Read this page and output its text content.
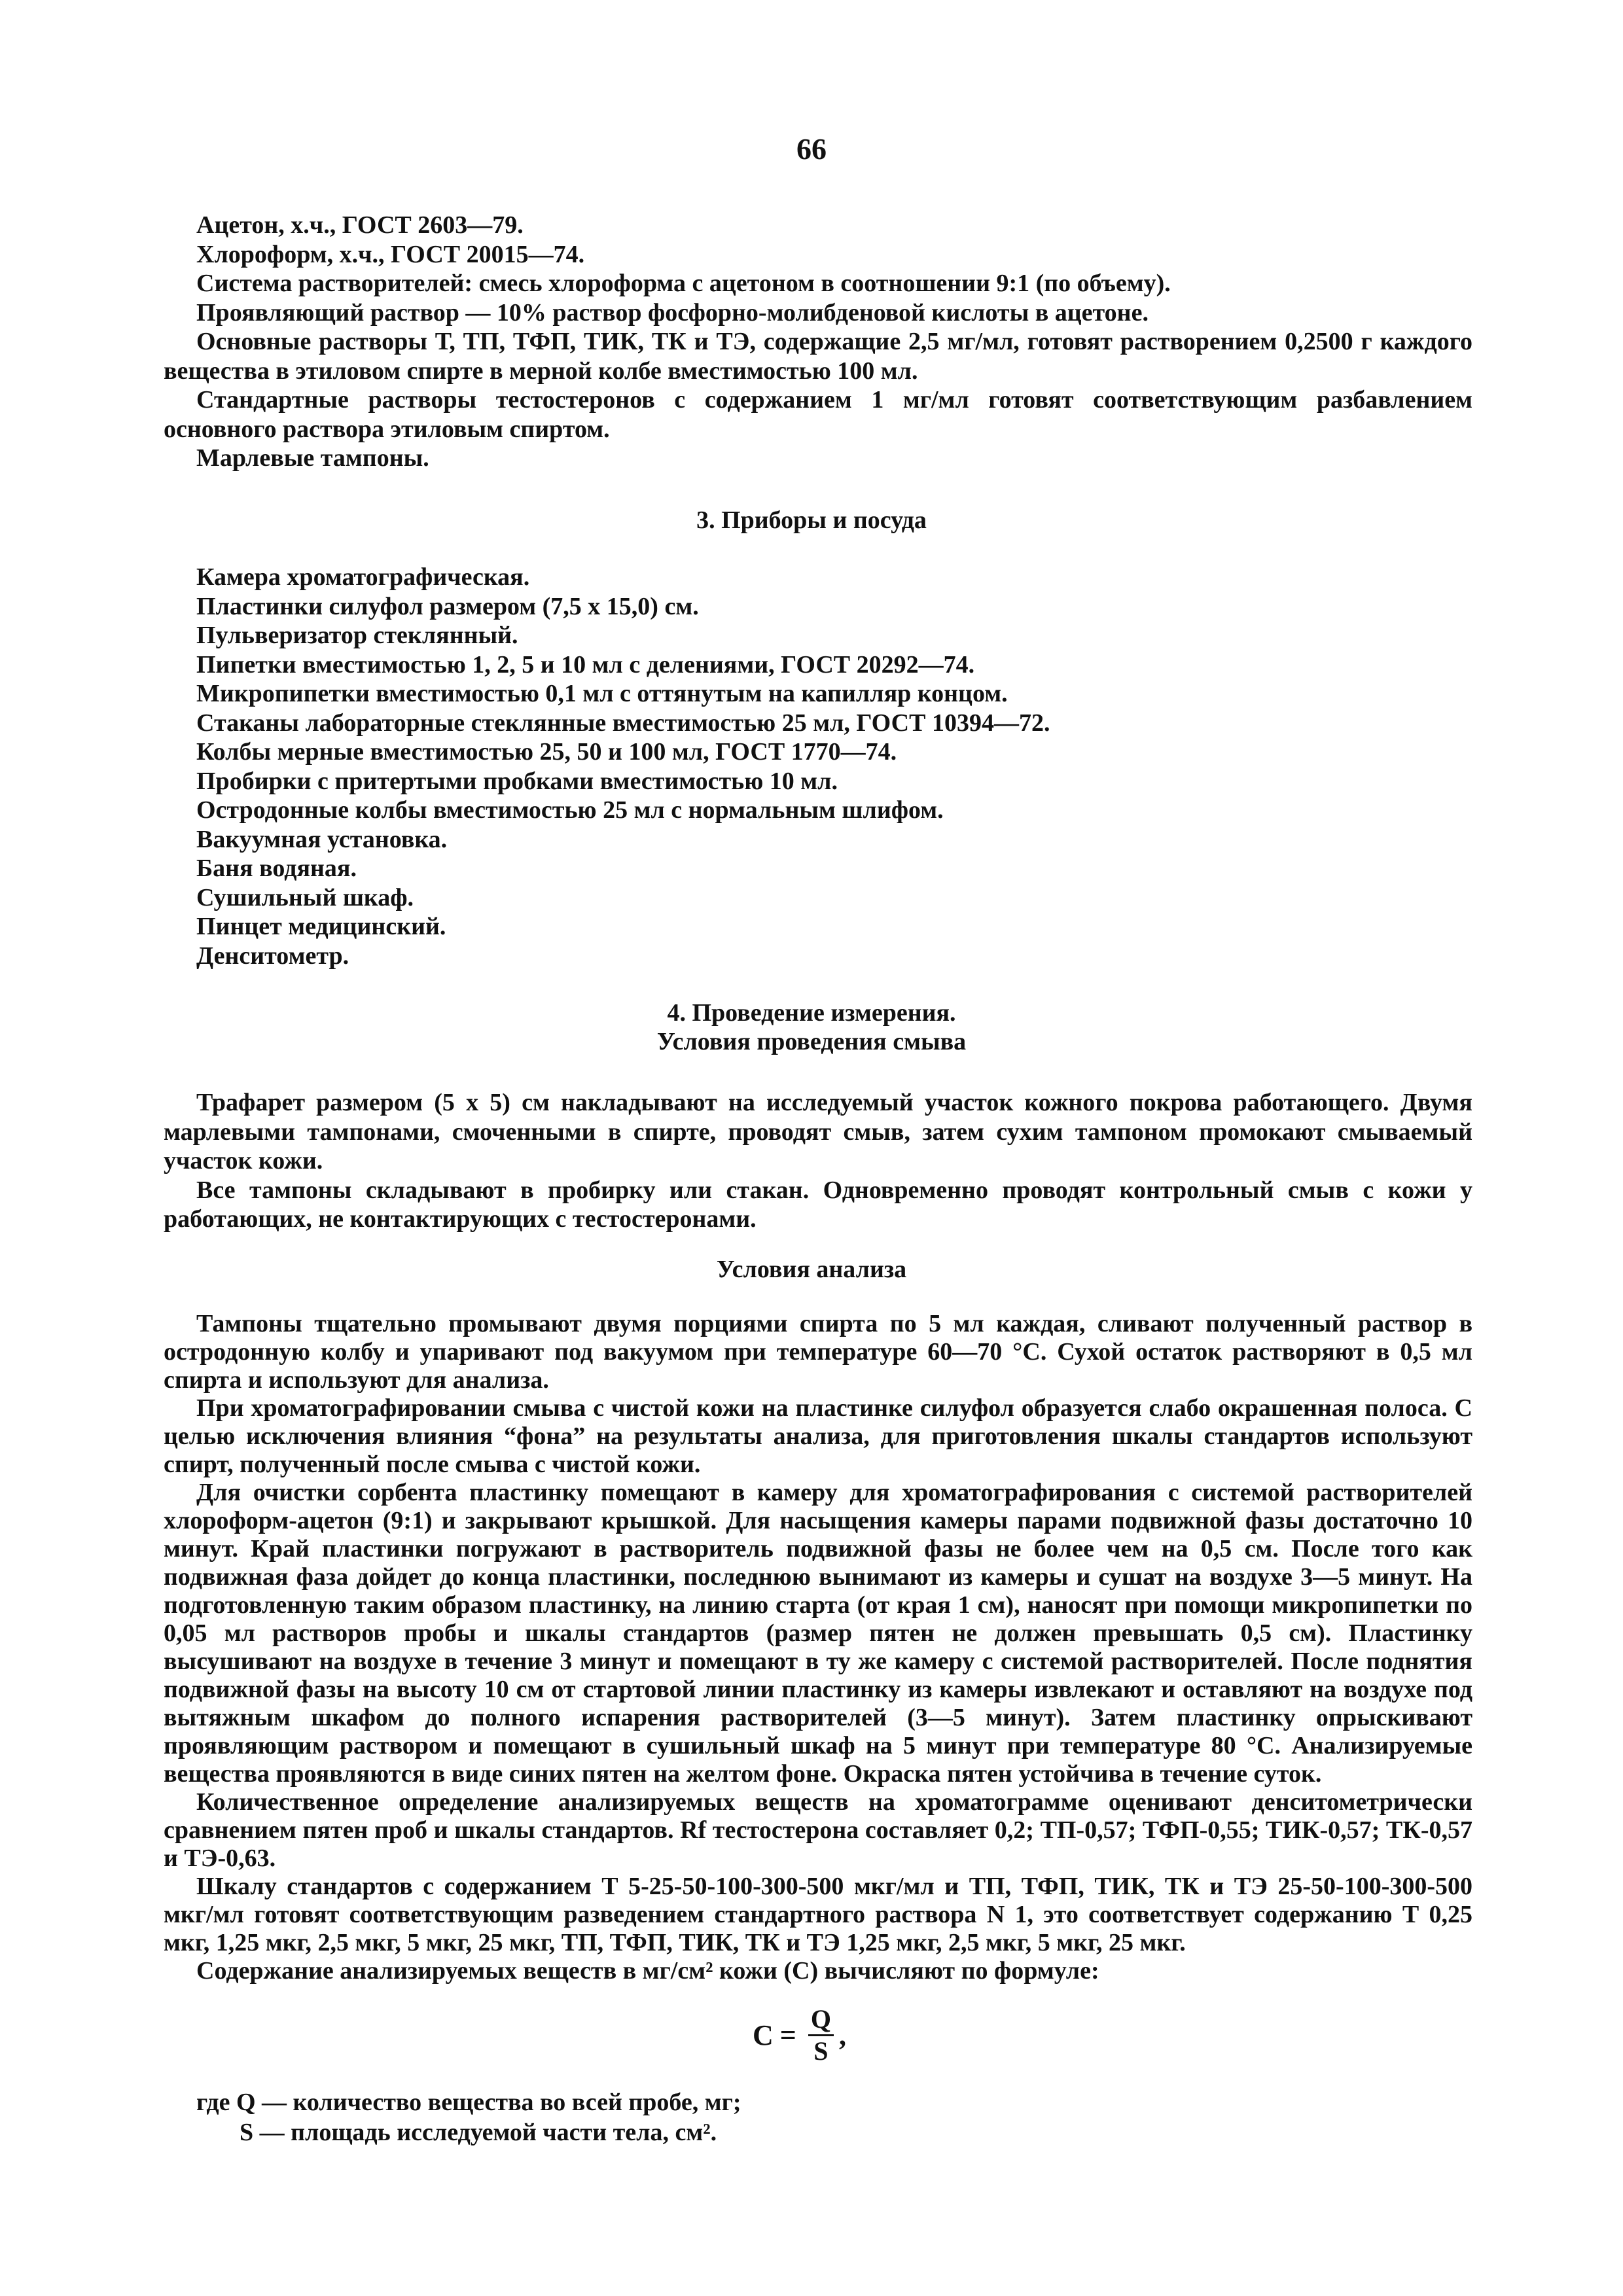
66

Ацетон, х.ч., ГОСТ 2603—79.

Хлороформ, х.ч., ГОСТ 20015—74.

Система растворителей: смесь хлороформа с ацетоном в соотношении 9:1 (по объему).

Проявляющий раствор — 10% раствор фосфорно-молибденовой кислоты в ацетоне.

Основные растворы Т, ТП, ТФП, ТИК, ТК и ТЭ, содержащие 2,5 мг/мл, готовят растворением 0,2500 г каждого вещества в этиловом спирте в мерной колбе вместимостью 100 мл.

Стандартные растворы тестостеронов с содержанием 1 мг/мл готовят соответствующим разбавлением основного раствора этиловым спиртом.

Марлевые тампоны.

3. Приборы и посуда

Камера хроматографическая.

Пластинки силуфол размером (7,5 х 15,0) см.

Пульверизатор стеклянный.

Пипетки вместимостью 1, 2, 5 и 10 мл с делениями, ГОСТ 20292—74.

Микропипетки вместимостью 0,1 мл с оттянутым на капилляр концом.

Стаканы лабораторные стеклянные вместимостью 25 мл, ГОСТ 10394—72.

Колбы мерные вместимостью 25, 50 и 100 мл, ГОСТ 1770—74.

Пробирки с притертыми пробками вместимостью 10 мл.

Остродонные колбы вместимостью 25 мл с нормальным шлифом.

Вакуумная установка.

Баня водяная.

Сушильный шкаф.

Пинцет медицинский.

Денситометр.

4. Проведение измерения.
Условия проведения смыва

Трафарет размером (5 х 5) см накладывают на исследуемый участок кожного покрова работающего. Двумя марлевыми тампонами, смоченными в спирте, проводят смыв, затем сухим тампоном промокают смываемый участок кожи.

Все тампоны складывают в пробирку или стакан. Одновременно проводят контрольный смыв с кожи у работающих, не контактирующих с тестостеронами.

Условия анализа

Тампоны тщательно промывают двумя порциями спирта по 5 мл каждая, сливают полученный раствор в остродонную колбу и упаривают под вакуумом при температуре 60—70 °С. Сухой остаток растворяют в 0,5 мл спирта и используют для анализа.

При хроматографировании смыва с чистой кожи на пластинке силуфол образуется слабо окрашенная полоса. С целью исключения влияния “фона” на результаты анализа, для приготовления шкалы стандартов используют спирт, полученный после смыва с чистой кожи.

Для очистки сорбента пластинку помещают в камеру для хроматографирования с системой растворителей хлороформ-ацетон (9:1) и закрывают крышкой. Для насыщения камеры парами подвижной фазы достаточно 10 минут. Край пластинки погружают в растворитель подвижной фазы не более чем на 0,5 см. После того как подвижная фаза дойдет до конца пластинки, последнюю вынимают из камеры и сушат на воздухе 3—5 минут. На подготовленную таким образом пластинку, на линию старта (от края 1 см), наносят при помощи микропипетки по 0,05 мл растворов пробы и шкалы стандартов (размер пятен не должен превышать 0,5 см). Пластинку высушивают на воздухе в течение 3 минут и помещают в ту же камеру с системой растворителей. После поднятия подвижной фазы на высоту 10 см от стартовой линии пластинку из камеры извлекают и оставляют на воздухе под вытяжным шкафом до полного испарения растворителей (3—5 минут). Затем пластинку опрыскивают проявляющим раствором и помещают в сушильный шкаф на 5 минут при температуре 80 °С. Анализируемые вещества проявляются в виде синих пятен на желтом фоне. Окраска пятен устойчива в течение суток.

Количественное определение анализируемых веществ на хроматограмме оценивают денситометрически сравнением пятен проб и шкалы стандартов. Rf тестостерона составляет 0,2; ТП-0,57; ТФП-0,55; ТИК-0,57; ТК-0,57 и ТЭ-0,63.

Шкалу стандартов с содержанием Т 5-25-50-100-300-500 мкг/мл и ТП, ТФП, ТИК, ТК и ТЭ 25-50-100-300-500 мкг/мл готовят соответствующим разведением стандартного раствора N 1, это соответствует содержанию Т 0,25 мкг, 1,25 мкг, 2,5 мкг, 5 мкг, 25 мкг, ТП, ТФП, ТИК, ТК и ТЭ 1,25 мкг, 2,5 мкг, 5 мкг, 25 мкг.

Содержание анализируемых веществ в мг/см² кожи (С) вычисляют по формуле:

$C = \frac{Q}{S}$ ,

где Q — количество вещества во всей пробе, мг;

S — площадь исследуемой части тела, см².
